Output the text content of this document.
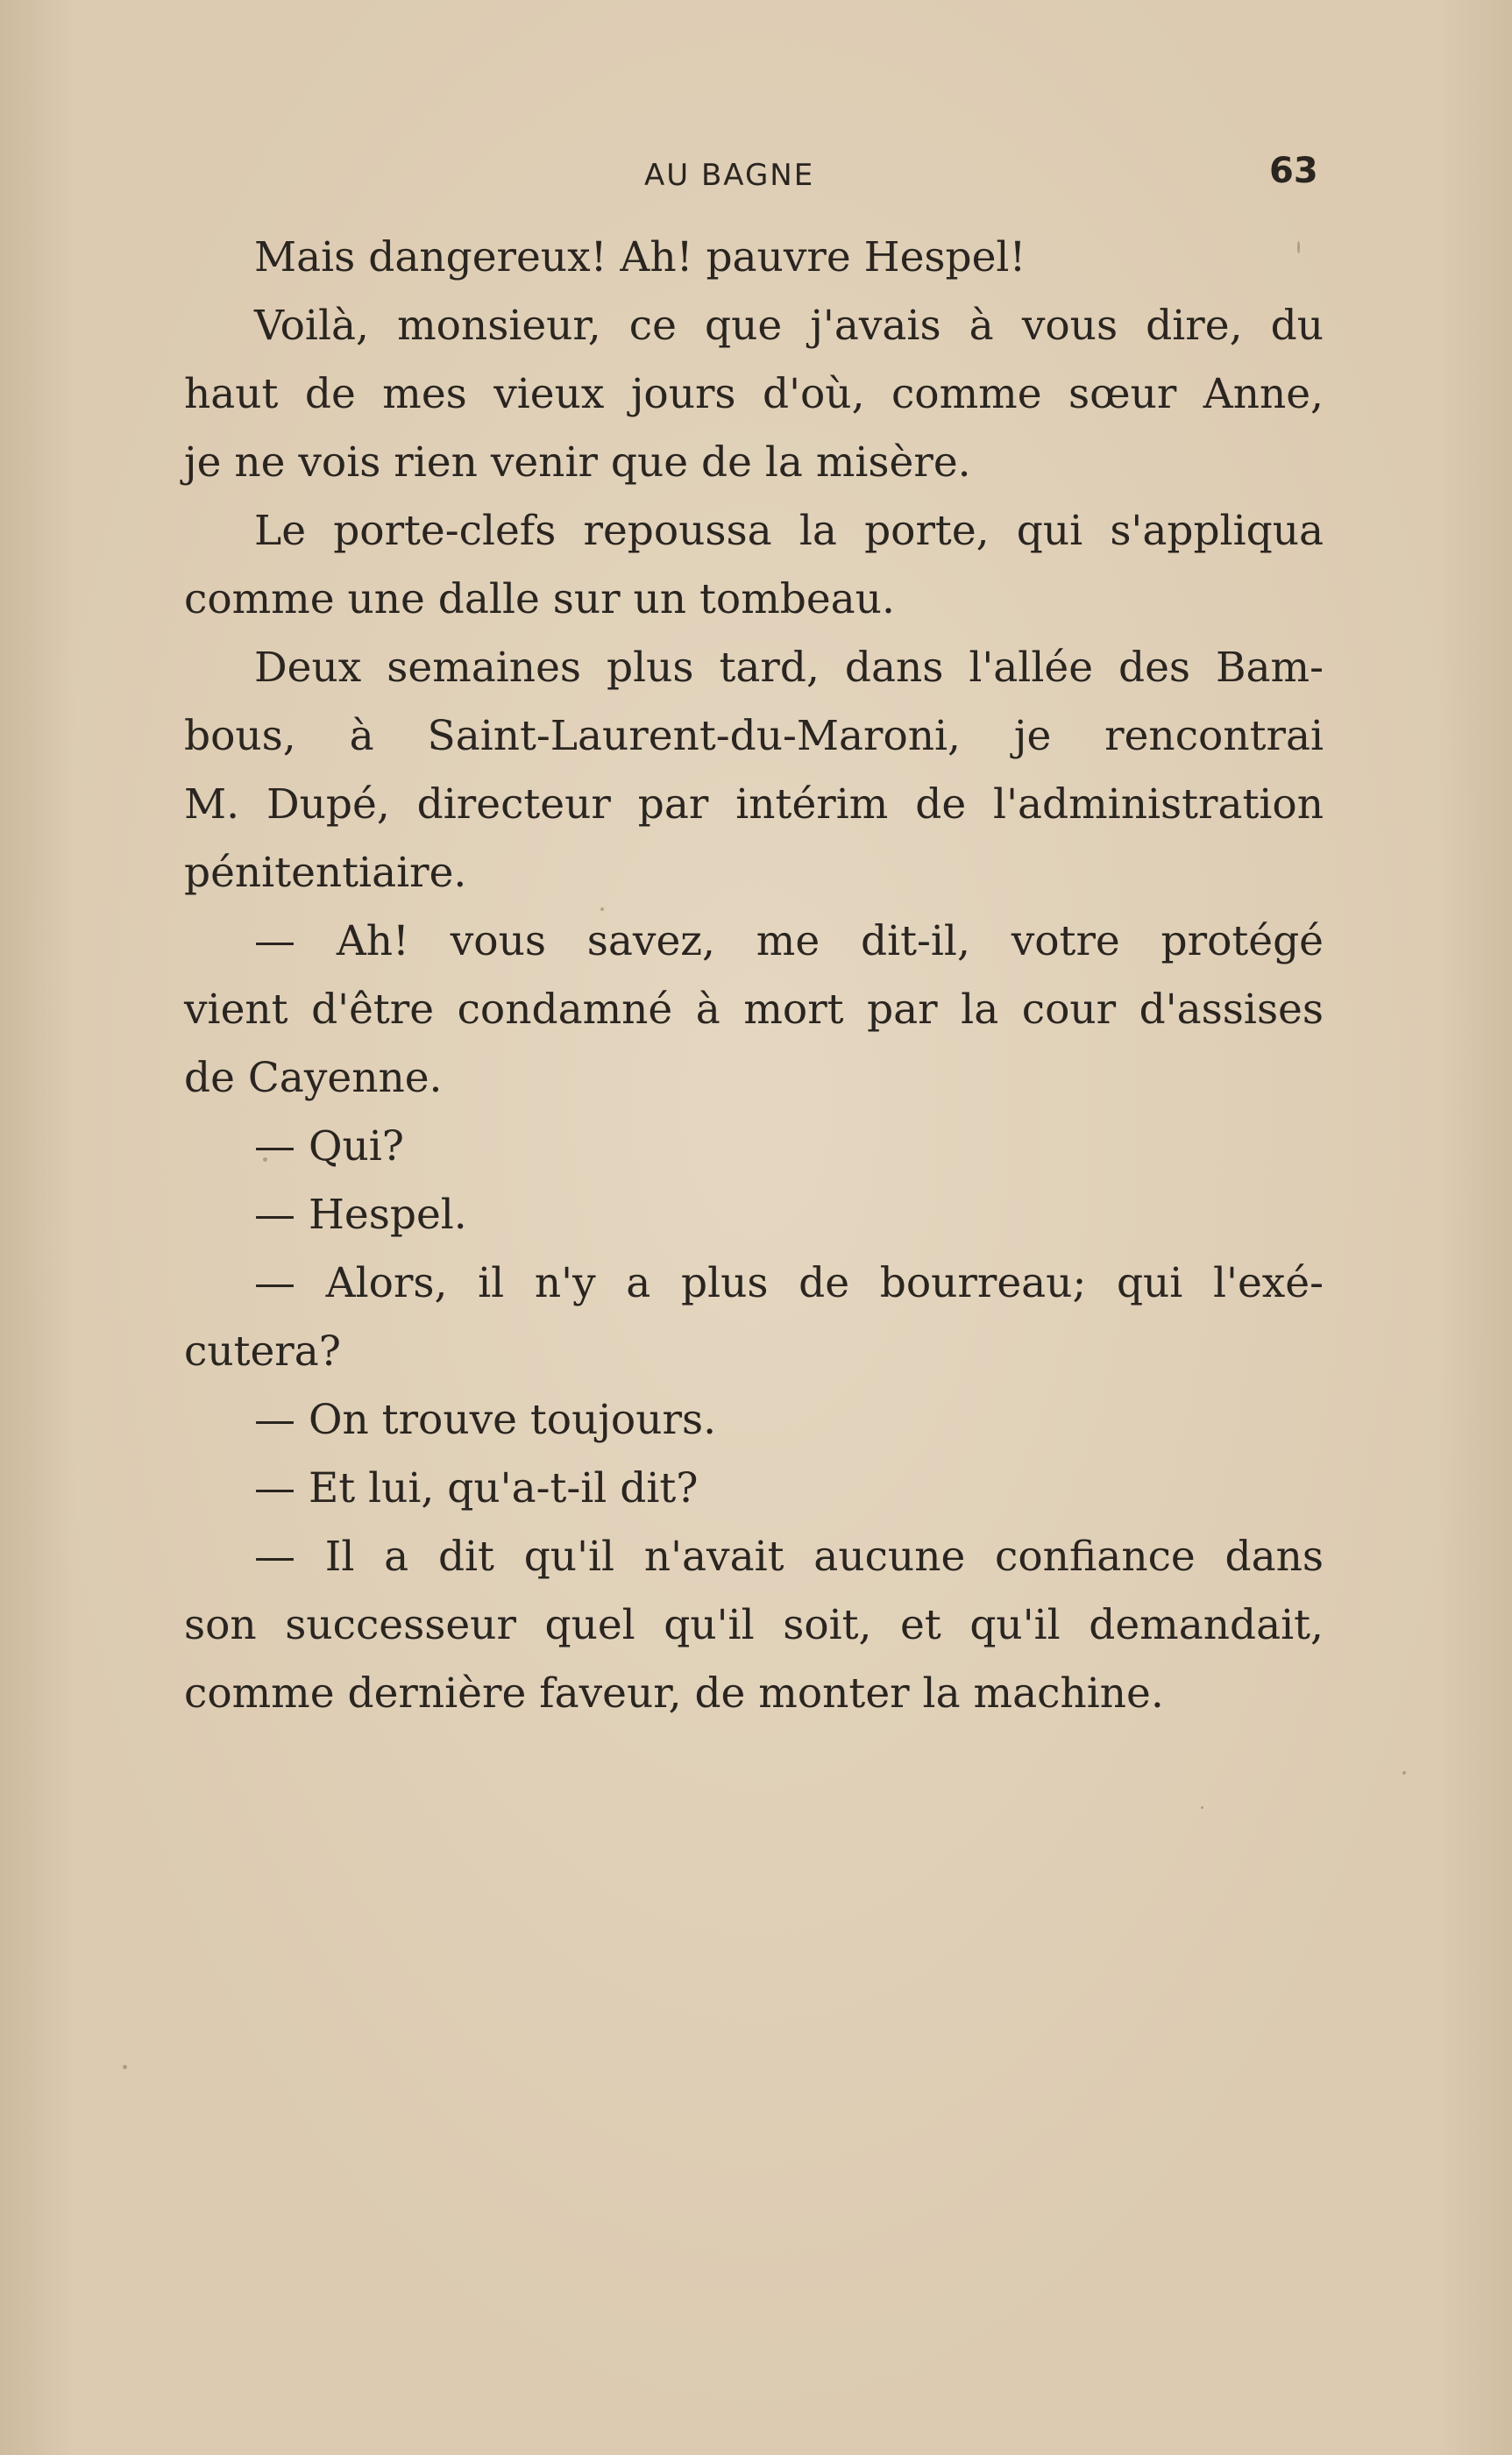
AU BAGNE	63
Mais dangereux! Ah! pauvre Hespel!
Voilà, monsieur, ce que j'avais à vous dire, du
haut de mes vieux jours d'où, comme sœur Anne,
je ne vois rien venir que de la misère.
Le porte-clefs repoussa la porte, qui s'appliqua
comme une dalle sur un tombeau.
Deux semaines plus tard, dans l'allée des Bam-
bous, à Saint-Laurent-du-Maroni, je rencontrai
M. Dupé, directeur par intérim de l'administration
pénitentiaire.
— Ah! vous savez, me dit-il, votre protégé
vient d'être condamné à mort par la cour d'assises
de Cayenne.
— Qui?
— Hespel.
— Alors, il n'y a plus de bourreau; qui l'exé-
cutera?
— On trouve toujours.
— Et lui, qu'a-t-il dit?
— Il a dit qu'il n'avait aucune confiance dans
son successeur quel qu'il soit, et qu'il demandait,
comme dernière faveur, de monter la machine.
